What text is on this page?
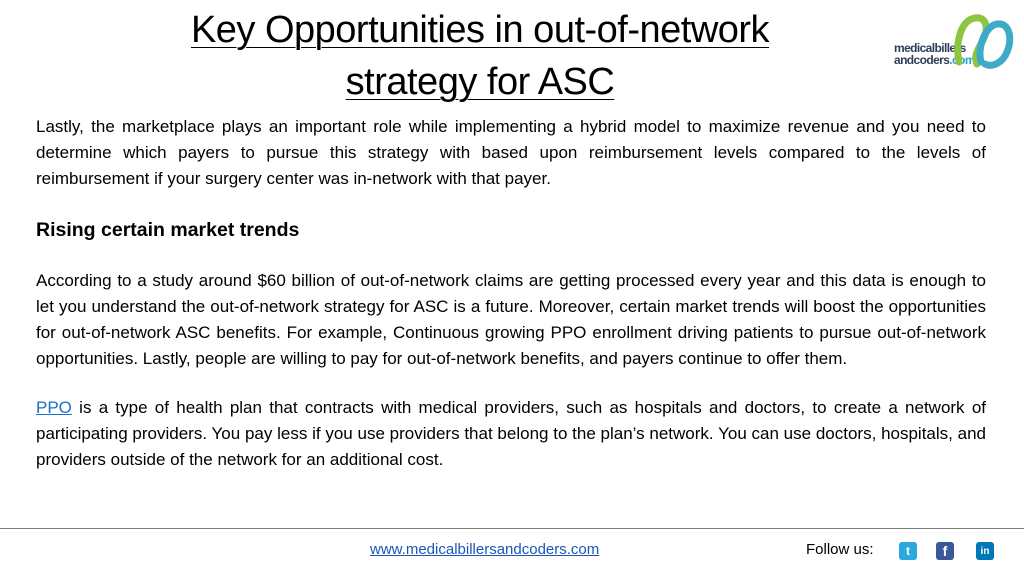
Key Opportunities in out-of-network
strategy for ASC
medicalbillers
andcoders.com

Lastly, the marketplace plays an important role while implementing a hybrid model to maximize revenue and you need to determine which payers to pursue this strategy with based upon reimbursement levels compared to the levels of reimbursement if your surgery center was in-network with that payer.

Rising certain market trends

According to a study around $60 billion of out-of-network claims are getting processed every year and this data is enough to let you understand the out-of-network strategy for ASC is a future. Moreover, certain market trends will boost the opportunities for out-of-network ASC benefits. For example, Continuous growing PPO enrollment driving patients to pursue out-of-network opportunities. Lastly, people are willing to pay for out-of-network benefits, and payers continue to offer them.

PPO is a type of health plan that contracts with medical providers, such as hospitals and doctors, to create a network of participating providers. You pay less if you use providers that belong to the plan’s network. You can use doctors, hospitals, and providers outside of the network for an additional cost.

www.medicalbillersandcoders.com	Follow us:	t	f	in
